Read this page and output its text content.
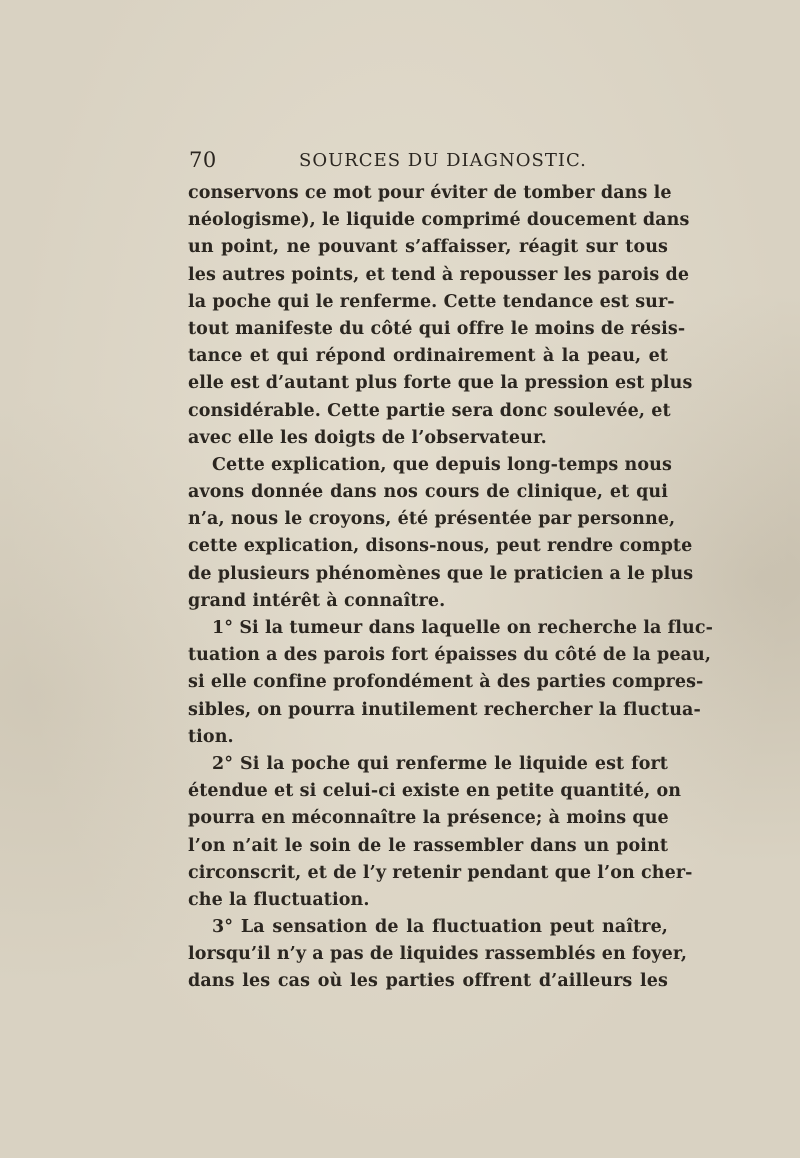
70	SOURCES DU DIAGNOSTIC.
conservons ce mot pour éviter de tomber dans le
néologisme), le liquide comprimé doucement dans
un point, ne pouvant s’affaisser, réagit sur tous
les autres points, et tend à repousser les parois de
la poche qui le renferme. Cette tendance est sur-
tout manifeste du côté qui offre le moins de résis-
tance et qui répond ordinairement à la peau, et
elle est d’autant plus forte que la pression est plus
considérable. Cette partie sera donc soulevée, et
avec elle les doigts de l’observateur.
Cette explication, que depuis long-temps nous
avons donnée dans nos cours de clinique, et qui
n’a, nous le croyons, été présentée par personne,
cette explication, disons-nous, peut rendre compte
de plusieurs phénomènes que le praticien a le plus
grand intérêt à connaître.
1° Si la tumeur dans laquelle on recherche la fluc-
tuation a des parois fort épaisses du côté de la peau,
si elle confine profondément à des parties compres-
sibles, on pourra inutilement rechercher la fluctua-
tion.
2° Si la poche qui renferme le liquide est fort
étendue et si celui-ci existe en petite quantité, on
pourra en méconnaître la présence; à moins que
l’on n’ait le soin de le rassembler dans un point
circonscrit, et de l’y retenir pendant que l’on cher-
che la fluctuation.
3° La sensation de la fluctuation peut naître,
lorsqu’il n’y a pas de liquides rassemblés en foyer,
dans les cas où les parties offrent d’ailleurs les
